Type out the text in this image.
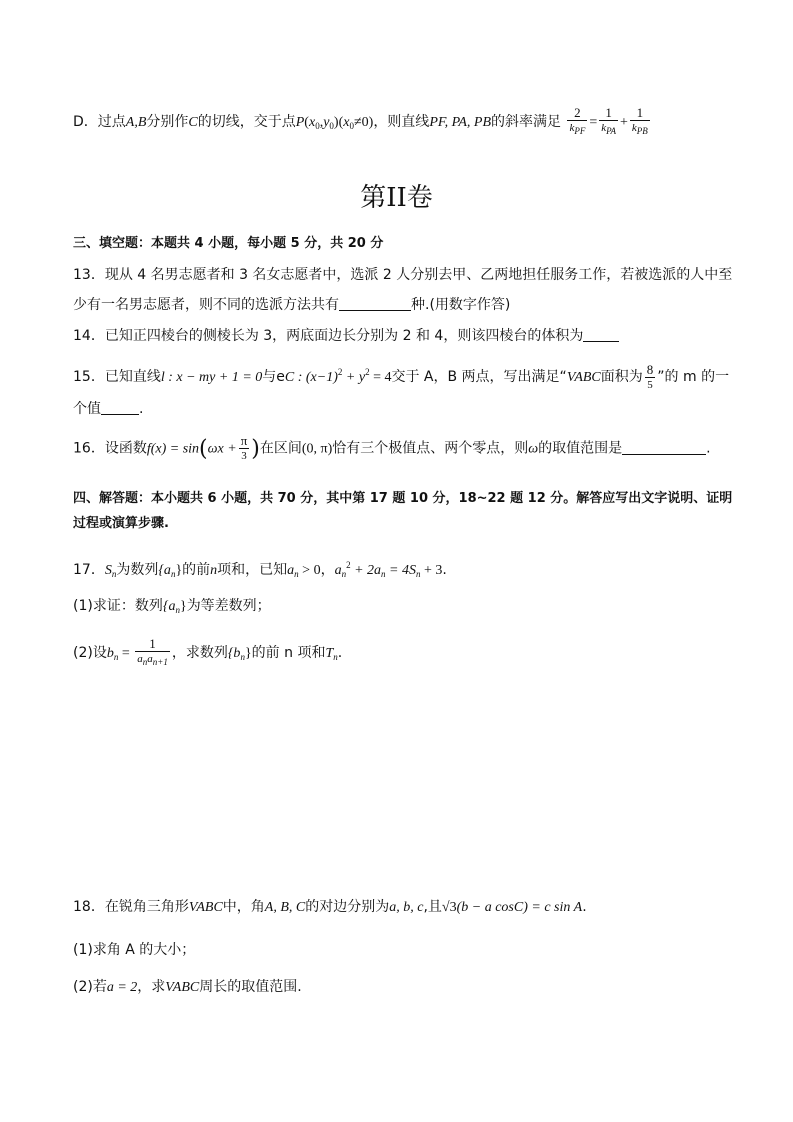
D．过点A,B分别作C的切线，交于点$P(x_0,y_0)(x_0\ne 0)$，则直线PF, PA, PB的斜率满足 $\frac{2}{k_{PF}} = \frac{1}{k_{PA}} + \frac{1}{k_{PB}}$
第II卷
三、填空题：本题共 4 小题，每小题 5 分，共 20 分
13．现从 4 名男志愿者和 3 名女志愿者中，选派 2 人分别去甲、乙两地担任服务工作，若被选派的人中至
少有一名男志愿者，则不同的选派方法共有	种.(用数字作答)
14．已知正四棱台的侧棱长为 3，两底面边长分别为 2 和 4，则该四棱台的体积为
15．已知直线l : x − my + 1 = 0与eC : $(x-1)^2 + y^2 = 4$交于 A，B 两点，写出满足“VABC面积为 $\frac{8}{5}$ ”的 m 的一
个值	.
16．设函数$f(x) = \sin(\omega x + \frac{\pi}{3}$ )在区间(0, π)恰有三个极值点、两个零点，则ω的取值范围是	.
四、解答题：本小题共 6 小题，共 70 分，其中第 17 题 10 分，18~22 题 12 分。解答应写出文字说明、证明
过程或演算步骤.
17．$S_n$为数列$\{a_n\}$的前n项和，已知$a_n > 0$，$a_n^2 + 2a_n = 4S_n + 3$.
(1)求证：数列$\{a_n\}$为等差数列；
(2)设$b_n = \frac{1}{a_na_{n+1}}$ ，求数列$\{b_n\}$的前 n 项和$T_n$.
18．在锐角三角形VABC中，角A, B, C的对边分别为a, b, c,且√3(b − a cosC) = c sin A.
(1)求角 A 的大小；
(2)若a = 2，求VABC周长的取值范围.
